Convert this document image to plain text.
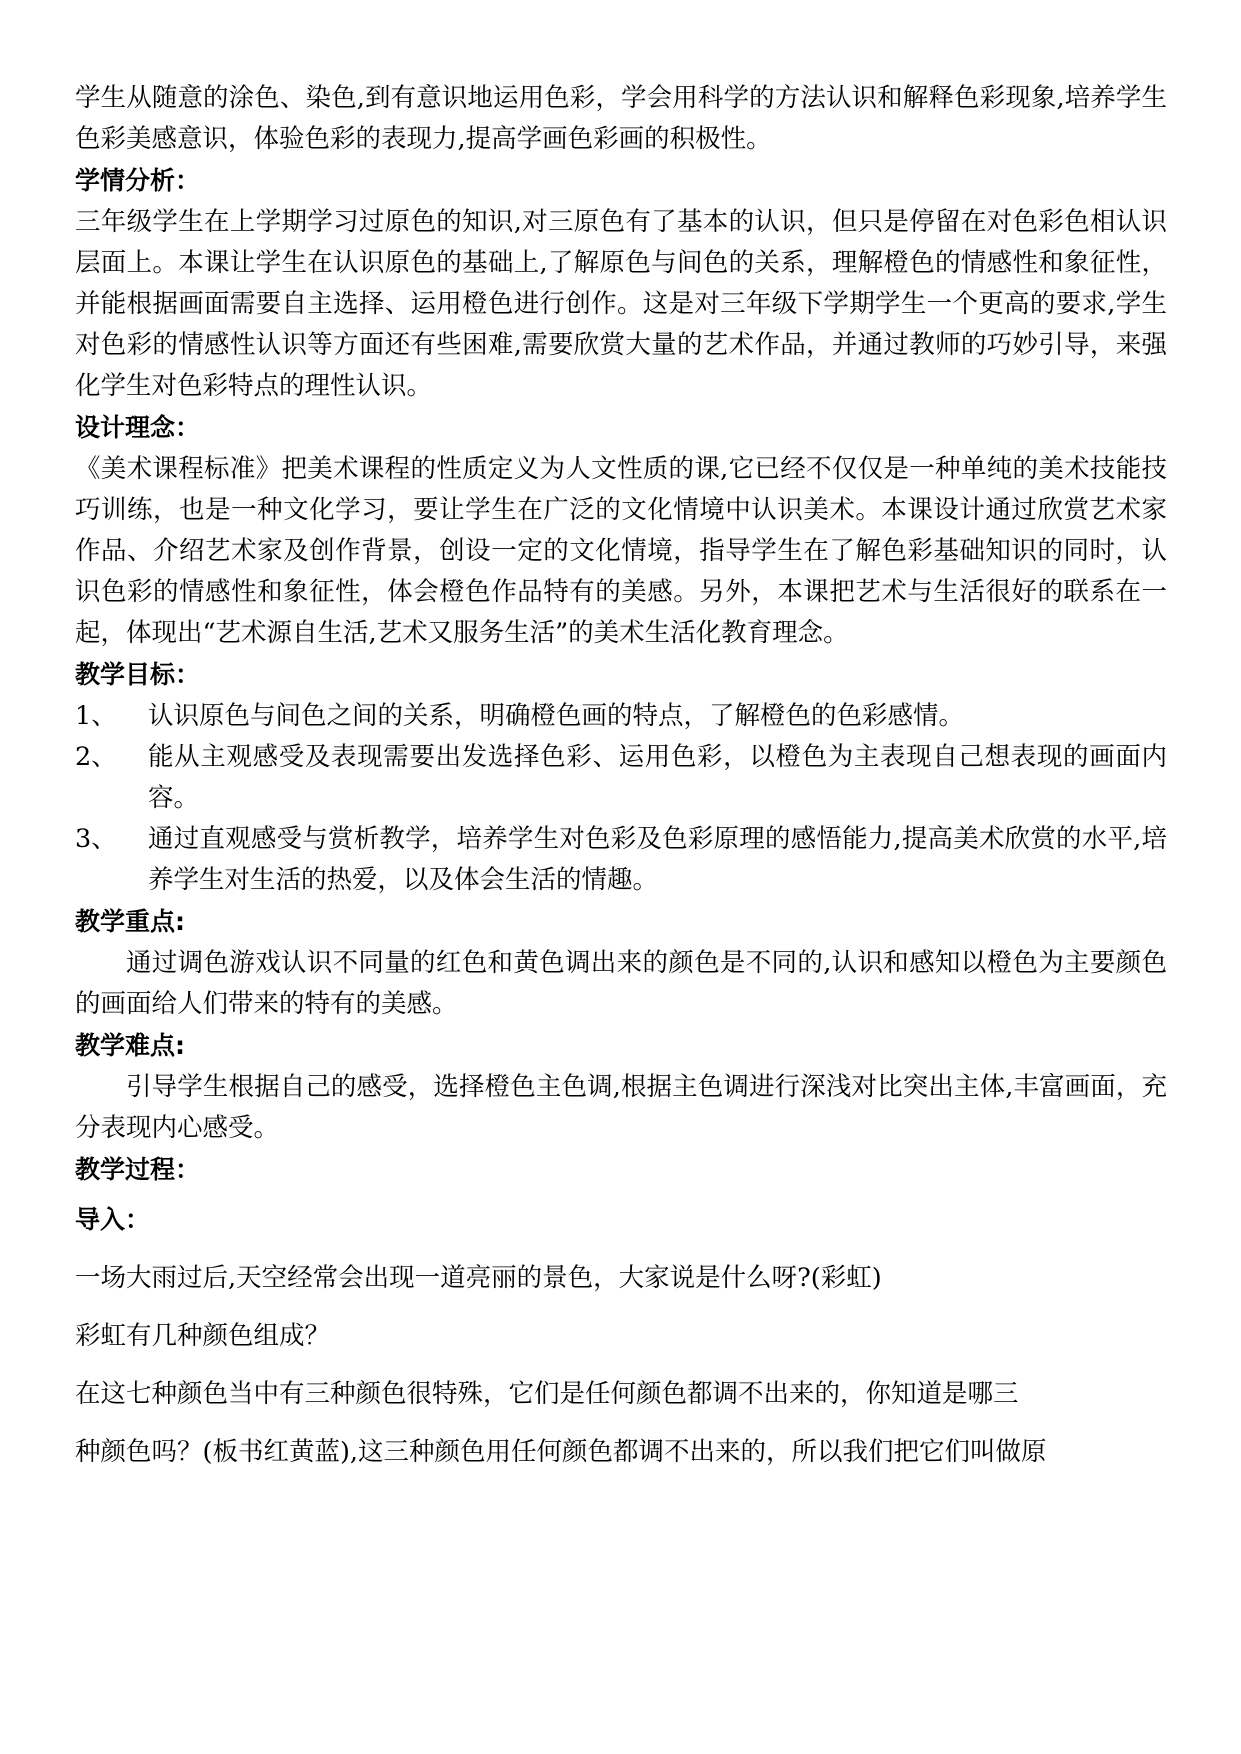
学生从随意的涂色、染色,到有意识地运用色彩，学会用科学的方法认识和解释色彩现象,培养学生色彩美感意识，体验色彩的表现力,提高学画色彩画的积极性。

学情分析：

三年级学生在上学期学习过原色的知识,对三原色有了基本的认识，但只是停留在对色彩色相认识层面上。本课让学生在认识原色的基础上,了解原色与间色的关系，理解橙色的情感性和象征性，并能根据画面需要自主选择、运用橙色进行创作。这是对三年级下学期学生一个更高的要求,学生对色彩的情感性认识等方面还有些困难,需要欣赏大量的艺术作品，并通过教师的巧妙引导，来强化学生对色彩特点的理性认识。

设计理念：

《美术课程标准》把美术课程的性质定义为人文性质的课,它已经不仅仅是一种单纯的美术技能技巧训练，也是一种文化学习，要让学生在广泛的文化情境中认识美术。本课设计通过欣赏艺术家作品、介绍艺术家及创作背景，创设一定的文化情境，指导学生在了解色彩基础知识的同时，认识色彩的情感性和象征性，体会橙色作品特有的美感。另外，本课把艺术与生活很好的联系在一起，体现出“艺术源自生活,艺术又服务生活”的美术生活化教育理念。

教学目标：

1、	认识原色与间色之间的关系，明确橙色画的特点，了解橙色的色彩感情。
2、	能从主观感受及表现需要出发选择色彩、运用色彩，以橙色为主表现自己想表现的画面内容。
3、	通过直观感受与赏析教学，培养学生对色彩及色彩原理的感悟能力,提高美术欣赏的水平,培养学生对生活的热爱，以及体会生活的情趣。

教学重点:

通过调色游戏认识不同量的红色和黄色调出来的颜色是不同的,认识和感知以橙色为主要颜色的画面给人们带来的特有的美感。

教学难点:

引导学生根据自己的感受，选择橙色主色调,根据主色调进行深浅对比突出主体,丰富画面，充分表现内心感受。

教学过程：

导入：

一场大雨过后,天空经常会出现一道亮丽的景色，大家说是什么呀?(彩虹)

彩虹有几种颜色组成？

在这七种颜色当中有三种颜色很特殊，它们是任何颜色都调不出来的，你知道是哪三

种颜色吗？(板书红黄蓝),这三种颜色用任何颜色都调不出来的，所以我们把它们叫做原
